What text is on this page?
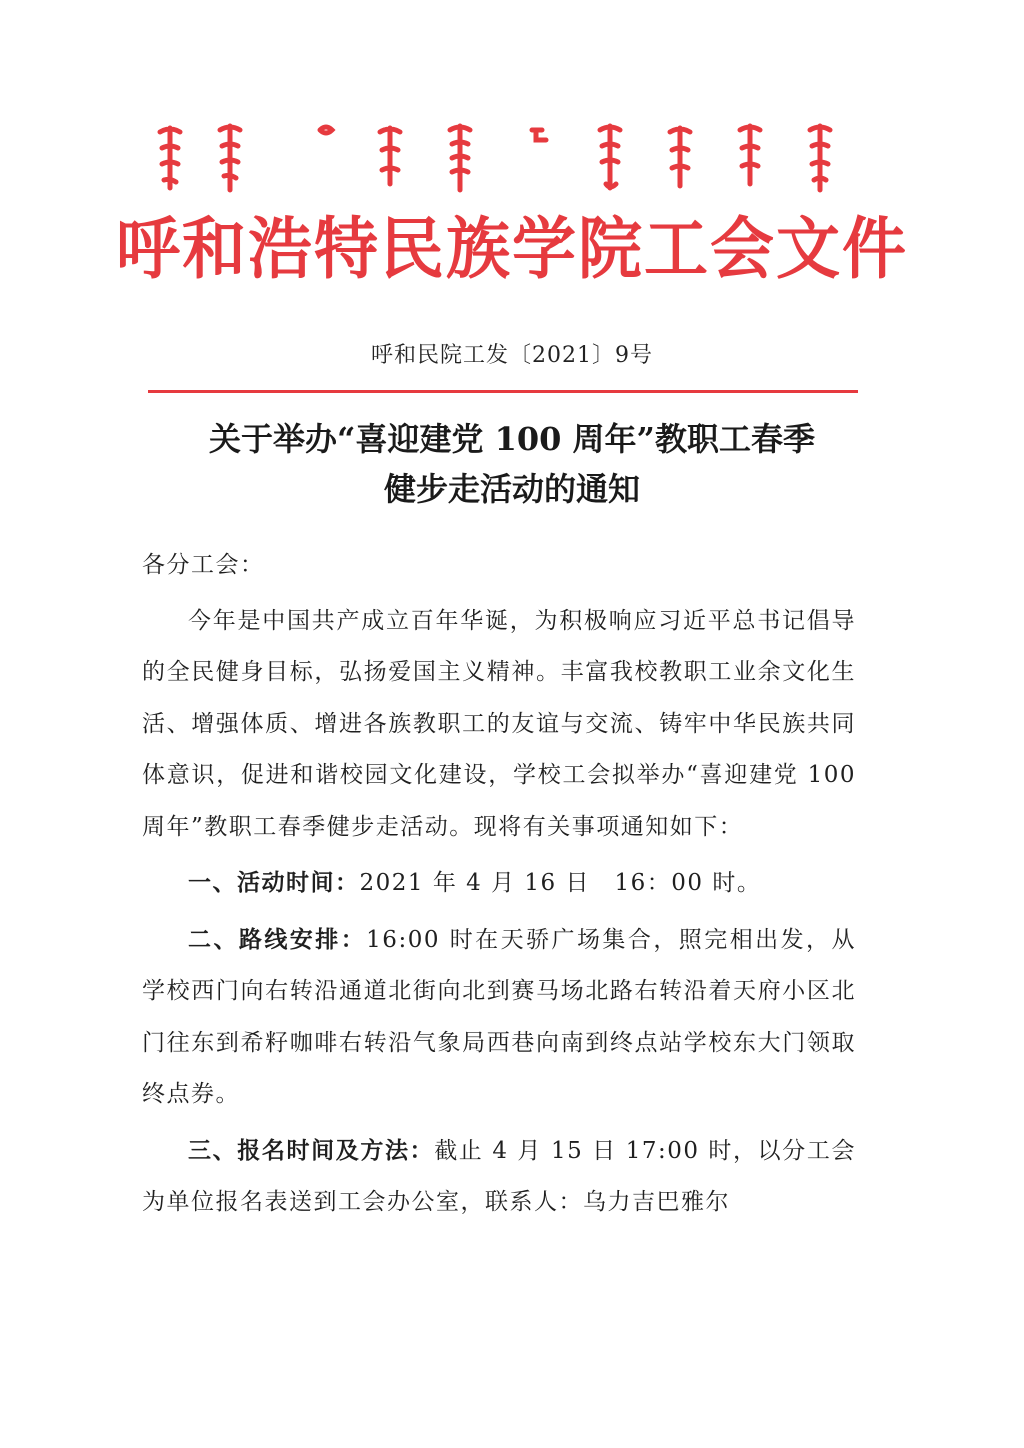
呼和浩特民族学院工会文件
呼和民院工发〔2021〕9号
关于举办“喜迎建党 100 周年”教职工春季
健步走活动的通知

各分工会：

今年是中国共产成立百年华诞，为积极响应习近平总书记倡导的全民健身目标，弘扬爱国主义精神。丰富我校教职工业余文化生活、增强体质、增进各族教职工的友谊与交流、铸牢中华民族共同体意识，促进和谐校园文化建设，学校工会拟举办“喜迎建党 100 周年”教职工春季健步走活动。现将有关事项通知如下：

一、活动时间：2021 年 4 月 16 日　16：00 时。

二、路线安排：16:00 时在天骄广场集合，照完相出发，从学校西门向右转沿通道北街向北到赛马场北路右转沿着天府小区北门往东到希籽咖啡右转沿气象局西巷向南到终点站学校东大门领取终点券。

三、报名时间及方法：截止 4 月 15 日 17:00 时，以分工会为单位报名表送到工会办公室，联系人：乌力吉巴雅尔
